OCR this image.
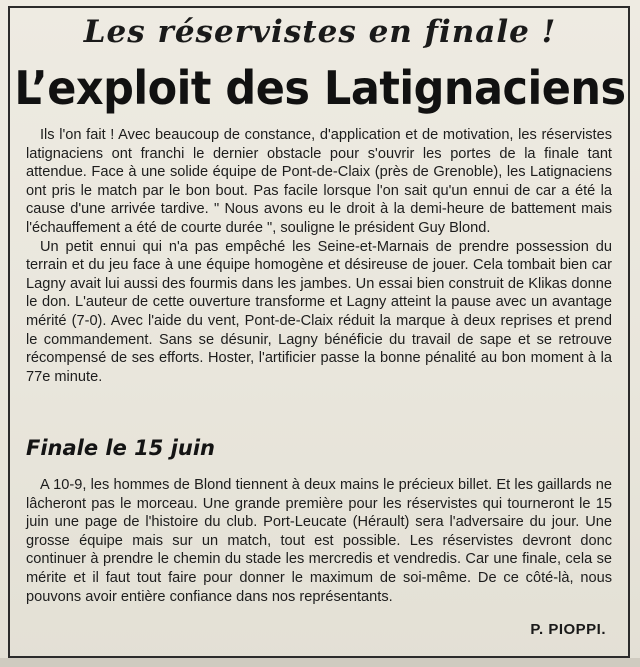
Les réservistes en finale !
L’exploit des Latignaciens

Ils l'on fait ! Avec beaucoup de constance, d'application et de motivation, les réservistes latignaciens ont franchi le dernier obstacle pour s'ouvrir les portes de la finale tant attendue. Face à une solide équipe de Pont-de-Claix (près de Grenoble), les Latignaciens ont pris le match par le bon bout. Pas facile lorsque l'on sait qu'un ennui de car a été la cause d'une arrivée tardive. " Nous avons eu le droit à la demi-heure de battement mais l'échauffement a été de courte durée ", souligne le président Guy Blond.

Un petit ennui qui n'a pas empêché les Seine-et-Marnais de prendre possession du terrain et du jeu face à une équipe homogène et désireuse de jouer. Cela tombait bien car Lagny avait lui aussi des fourmis dans les jambes. Un essai bien construit de Klikas donne le don. L'auteur de cette ouverture transforme et Lagny atteint la pause avec un avantage mérité (7-0). Avec l'aide du vent, Pont-de-Claix réduit la marque à deux reprises et prend le commandement. Sans se désunir, Lagny bénéficie du travail de sape et se retrouve récompensé de ses efforts. Hoster, l'artificier passe la bonne pénalité au bon moment à la 77e minute.

Finale le 15 juin

A 10-9, les hommes de Blond tiennent à deux mains le précieux billet. Et les gaillards ne lâcheront pas le morceau. Une grande première pour les réservistes qui tourneront le 15 juin une page de l'histoire du club. Port-Leucate (Hérault) sera l'adversaire du jour. Une grosse équipe mais sur un match, tout est possible. Les réservistes devront donc continuer à prendre le chemin du stade les mercredis et vendredis. Car une finale, cela se mérite et il faut tout faire pour donner le maximum de soi-même. De ce côté-là, nous pouvons avoir entière confiance dans nos représentants.

P. PIOPPI.
